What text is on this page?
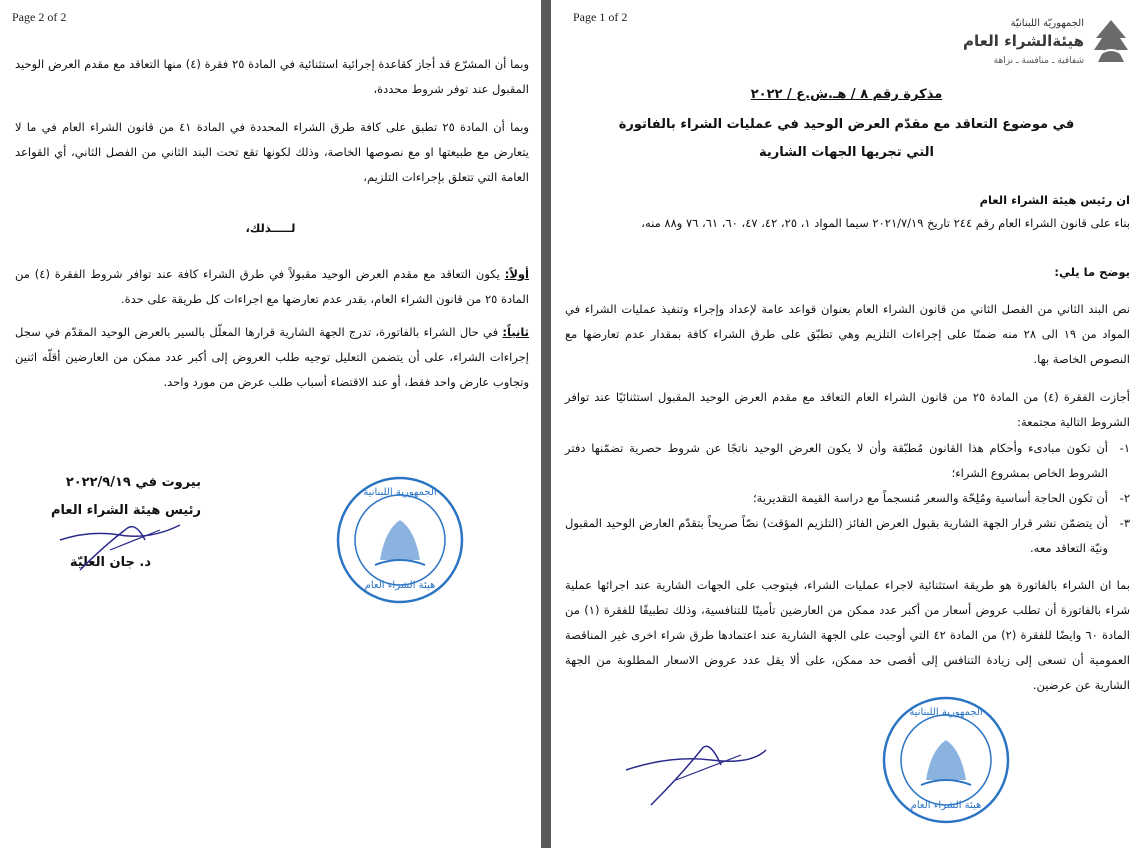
Page 2 of 2
وبما أن المشرّع قد أجاز كقاعدة إجرائية استثنائية في المادة ٢٥ فقرة (٤) منها التعاقد مع مقدم العرض الوحيد المقبول عند توفر شروط محددة،
وبما أن المادة ٢٥ تطبق على كافة طرق الشراء المحددة في المادة ٤١ من قانون الشراء العام في ما لا يتعارض مع طبيعتها او مع نصوصها الخاصة، وذلك لكونها تقع تحت البند الثاني من الفصل الثاني، أي القواعد العامة التي تتعلق بإجراءات التلزيم،
لـــــذلك،
أولاً: يكون التعاقد مع مقدم العرض الوحيد مقبولاً في طرق الشراء كافة عند توافر شروط الفقرة (٤) من المادة ٢٥ من قانون الشراء العام، بقدر عدم تعارضها مع اجراءات كل طريقة على حدة.
ثانياً: في حال الشراء بالفاتورة، تدرج الجهة الشارية قرارها المعلّل بالسير بالعرض الوحيد المقدّم في سجل إجراءات الشراء، على أن يتضمن التعليل توجيه طلب العروض إلى أكبر عدد ممكن من العارضين أقلّه اثنين وتجاوب عارض واحد فقط، أو عند الاقتضاء أسباب طلب عرض من مورد واحد.
بيروت في ٢٠٢٢/٩/١٩
رئيس هيئة الشراء العام
د. جان العليّة
الجمهورية اللبنانية
هيئة الشراء العام
Page 1 of 2	الجمهوريّة اللبنانيّة
هيئةالشراء العام
شفافية ـ منافسة ـ نزاهة
مذكرة رقم ٨ / هـ.ش.ع / ٢٠٢٢
في موضوع التعاقد مع مقدّم العرض الوحيد في عمليات الشراء بالفاتورة
التي تجريها الجهات الشارية
ان رئيس هيئة الشراء العام
بناء على قانون الشراء العام رقم ٢٤٤ تاريخ ٢٠٢١/٧/١٩ سيما المواد ١، ٢٥، ٤٢، ٤٧، ٦٠، ٦١، ٧٦ و٨٨ منه،
يوضح ما يلي:
نص البند الثاني من الفصل الثاني من قانون الشراء العام بعنوان قواعد عامة لإعداد وإجراء وتنفيذ عمليات الشراء في المواد من ١٩ الى ٢٨ منه ضمنًا على إجراءات التلزيم وهي تطبّق على طرق الشراء كافة بمقدار عدم تعارضها مع النصوص الخاصة بها.
أجازت الفقرة (٤) من المادة ٢٥ من قانون الشراء العام التعاقد مع مقدم العرض الوحيد المقبول استثنائيًا عند توافر الشروط التالية مجتمعة:
١-
أن تكون مبادىء وأحكام هذا القانون مُطبّقة وأن لا يكون العرض الوحيد ناتجًا عن شروط حصرية تضمّنها دفتر الشروط الخاص بمشروع الشراء؛
٢-
أن تكون الحاجة أساسية ومُلِحّة والسعر مُنسجماً مع دراسة القيمة التقديرية؛
٣-
أن يتضمّن نشر قرار الجهة الشارية بقبول العرض الفائز (التلزيم المؤقت) نصّاً صريحاً بتقدّم العارض الوحيد المقبول ونيّة التعاقد معه.
بما ان الشراء بالفاتورة هو طريقة استثنائية لاجراء عمليات الشراء، فيتوجب على الجهات الشارية عند اجرائها عملية شراء بالفاتورة أن تطلب عروض أسعار من أكبر عدد ممكن من العارضين تأمينًا للتنافسية، وذلك تطبيقًا للفقرة (١) من المادة ٦٠ وايضًا للفقرة (٢) من المادة ٤٢ التي أوجبت على الجهة الشارية عند اعتمادها طرق شراء اخرى غير المناقصة العمومية أن تسعى إلى زيادة التنافس إلى أقصى حد ممكن، على ألا يقل عدد عروض الاسعار المطلوبة من الجهة الشارية عن عرضين.
الجمهورية اللبنانية
هيئة الشراء العام
